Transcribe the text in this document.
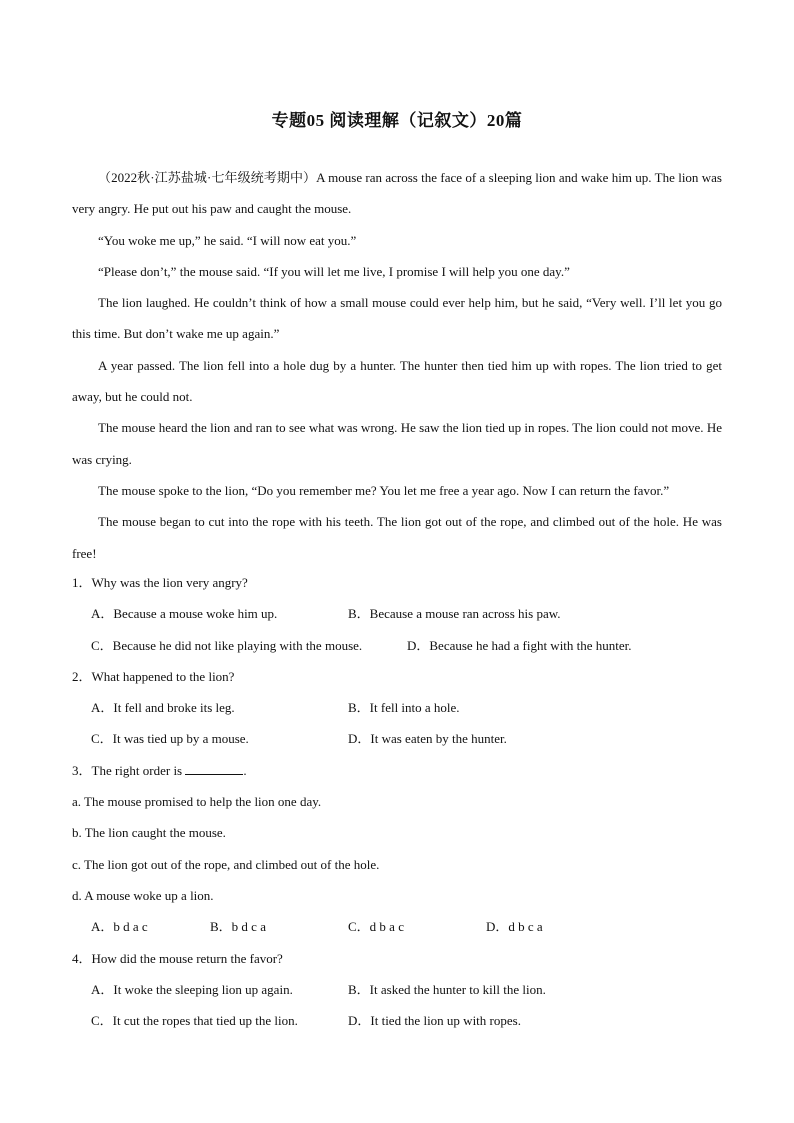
专题05 阅读理解（记叙文）20篇

（2022秋·江苏盐城·七年级统考期中）A mouse ran across the face of a sleeping lion and wake him up. The lion was very angry. He put out his paw and caught the mouse.

“You woke me up,” he said. “I will now eat you.”

“Please don’t,” the mouse said. “If you will let me live, I promise I will help you one day.”

The lion laughed. He couldn’t think of how a small mouse could ever help him, but he said, “Very well. I’ll let you go this time. But don’t wake me up again.”

A year passed. The lion fell into a hole dug by a hunter. The hunter then tied him up with ropes. The lion tried to get away, but he could not.

The mouse heard the lion and ran to see what was wrong. He saw the lion tied up in ropes. The lion could not move. He was crying.

The mouse spoke to the lion, “Do you remember me? You let me free a year ago. Now I can return the favor.”

The mouse began to cut into the rope with his teeth. The lion got out of the rope, and climbed out of the hole. He was free!

1．Why was the lion very angry?
A．Because a mouse woke him up.	B．Because a mouse ran across his paw.
C．Because he did not like playing with the mouse.	D．Because he had a fight with the hunter.
2．What happened to the lion?
A．It fell and broke its leg.	B．It fell into a hole.
C．It was tied up by a mouse.	D．It was eaten by the hunter.
3．The right order is	.
a. The mouse promised to help the lion one day.
b. The lion caught the mouse.
c. The lion got out of the rope, and climbed out of the hole.
d. A mouse woke up a lion.
A．b d a c	B．b d c a	C．d b a c	D．d b c a
4．How did the mouse return the favor?
A．It woke the sleeping lion up again.	B．It asked the hunter to kill the lion.
C．It cut the ropes that tied up the lion.	D．It tied the lion up with ropes.
